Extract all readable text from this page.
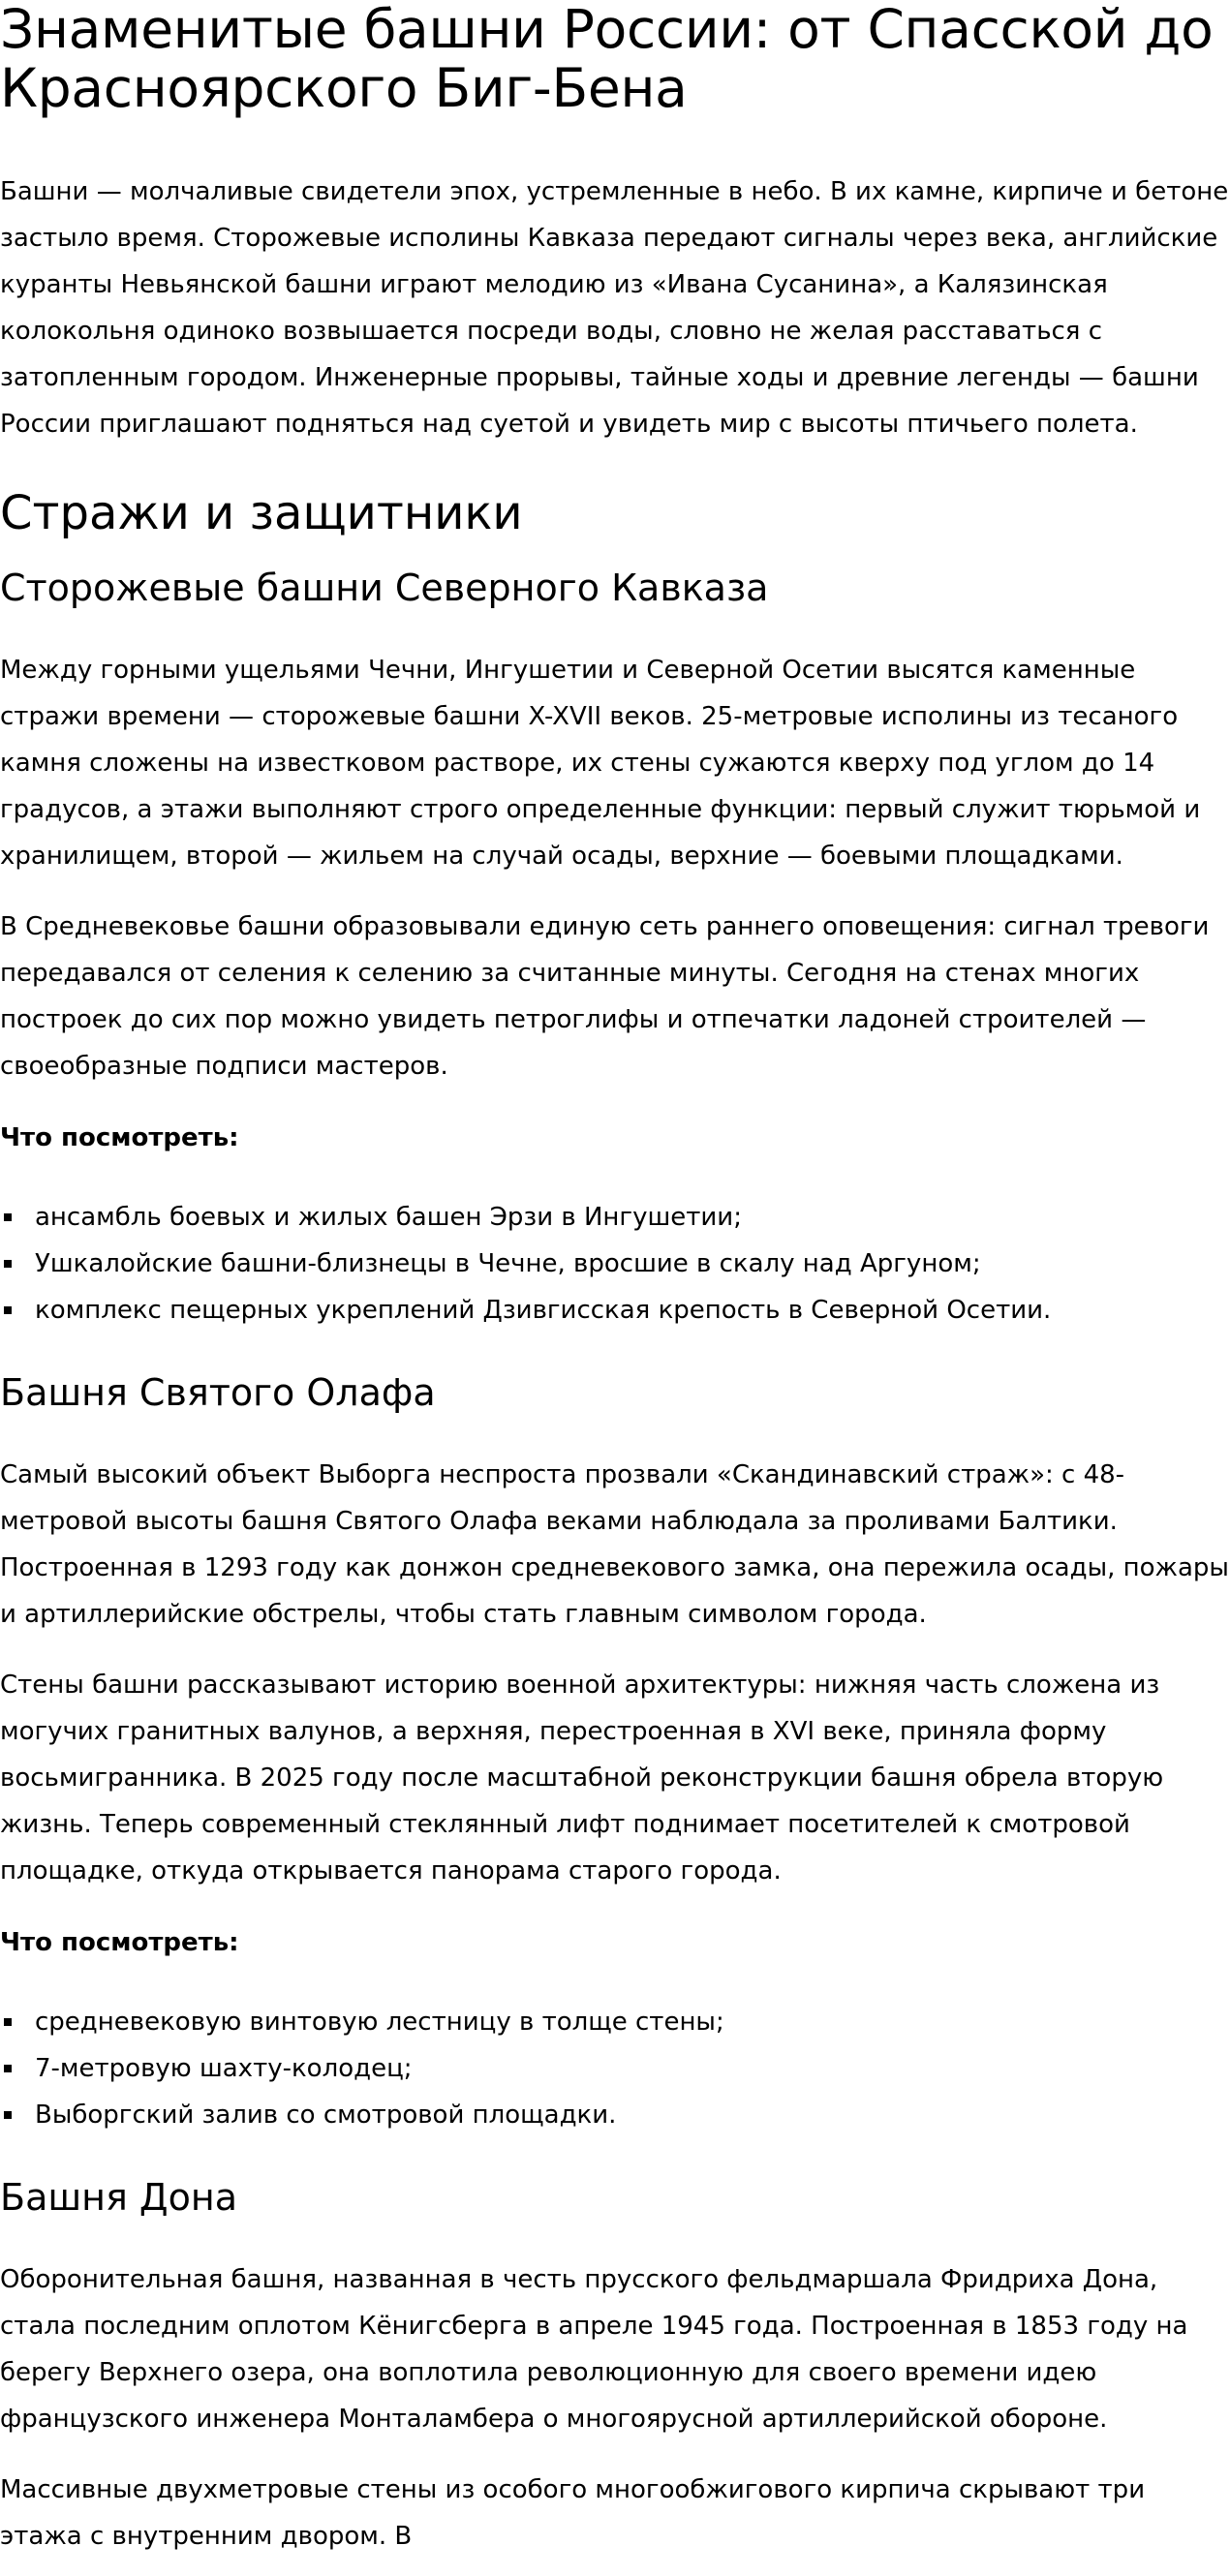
Знаменитые башни России: от Спасской до Красноярского Биг-Бена

Башни — молчаливые свидетели эпох, устремленные в небо. В их камне, кирпиче и бетоне застыло время. Сторожевые исполины Кавказа передают сигналы через века, английские куранты Невьянской башни играют мелодию из «Ивана Сусанина», а Калязинская колокольня одиноко возвышается посреди воды, словно не желая расставаться с затопленным городом. Инженерные прорывы, тайные ходы и древние легенды — башни России приглашают подняться над суетой и увидеть мир с высоты птичьего полета.

Стражи и защитники
Сторожевые башни Северного Кавказа

Между горными ущельями Чечни, Ингушетии и Северной Осетии высятся каменные стражи времени — сторожевые башни X-XVII веков. 25-метровые исполины из тесаного камня сложены на известковом растворе, их стены сужаются кверху под углом до 14 градусов, а этажи выполняют строго определенные функции: первый служит тюрьмой и хранилищем, второй — жильем на случай осады, верхние — боевыми площадками.

В Средневековье башни образовывали единую сеть раннего оповещения: сигнал тревоги передавался от селения к селению за считанные минуты. Сегодня на стенах многих построек до сих пор можно увидеть петроглифы и отпечатки ладоней строителей — своеобразные подписи мастеров.

Что посмотреть:

ансамбль боевых и жилых башен Эрзи в Ингушетии;
Ушкалойские башни-близнецы в Чечне, вросшие в скалу над Аргуном;
комплекс пещерных укреплений Дзивгисская крепость в Северной Осетии.
Башня Святого Олафа

Самый высокий объект Выборга неспроста прозвали «Скандинавский страж»: с 48-метровой высоты башня Святого Олафа веками наблюдала за проливами Балтики. Построенная в 1293 году как донжон средневекового замка, она пережила осады, пожары и артиллерийские обстрелы, чтобы стать главным символом города.

Стены башни рассказывают историю военной архитектуры: нижняя часть сложена из могучих гранитных валунов, а верхняя, перестроенная в XVI веке, приняла форму восьмигранника. В 2025 году после масштабной реконструкции башня обрела вторую жизнь. Теперь современный стеклянный лифт поднимает посетителей к смотровой площадке, откуда открывается панорама старого города.

Что посмотреть:

средневековую винтовую лестницу в толще стены;
7-метровую шахту-колодец;
Выборгский залив со смотровой площадки.
Башня Дона

Оборонительная башня, названная в честь прусского фельдмаршала Фридриха Дона, стала последним оплотом Кёнигсберга в апреле 1945 года. Построенная в 1853 году на берегу Верхнего озера, она воплотила революционную для своего времени идею французского инженера Монталамбера о многоярусной артиллерийской обороне.

Массивные двухметровые стены из особого многообжигового кирпича скрывают три этажа с внутренним двором. В
